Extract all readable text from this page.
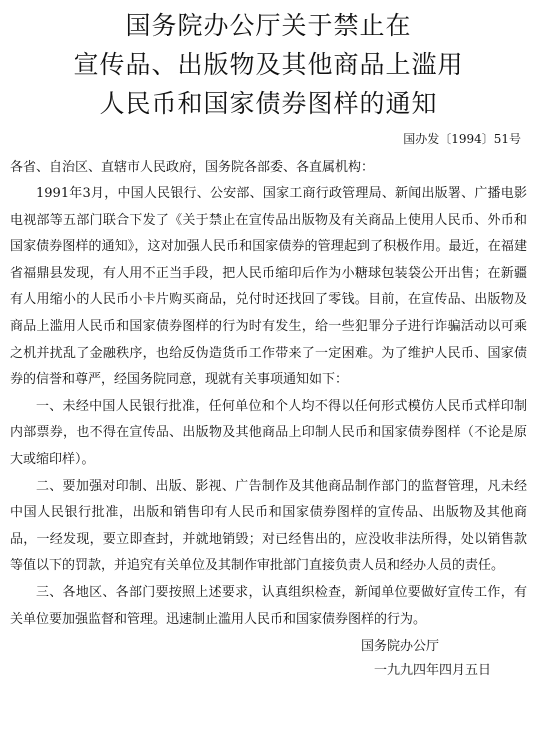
国务院办公厅关于禁止在
宣传品、出版物及其他商品上滥用
人民币和国家债券图样的通知
国办发〔1994〕51号
各省、自治区、直辖市人民政府，国务院各部委、各直属机构：

1991年3月，中国人民银行、公安部、国家工商行政管理局、新闻出版署、广播电影电视部等五部门联合下发了《关于禁止在宣传品出版物及有关商品上使用人民币、外币和国家债券图样的通知》，这对加强人民币和国家债券的管理起到了积极作用。最近，在福建省福鼎县发现，有人用不正当手段，把人民币缩印后作为小糖球包装袋公开出售；在新疆有人用缩小的人民币小卡片购买商品，兑付时还找回了零钱。目前，在宣传品、出版物及商品上滥用人民币和国家债券图样的行为时有发生，给一些犯罪分子进行诈骗活动以可乘之机并扰乱了金融秩序，也给反伪造货币工作带来了一定困难。为了维护人民币、国家债券的信誉和尊严，经国务院同意，现就有关事项通知如下：

一、未经中国人民银行批准，任何单位和个人均不得以任何形式模仿人民币式样印制内部票券，也不得在宣传品、出版物及其他商品上印制人民币和国家债券图样（不论是原大或缩印样）。

二、要加强对印制、出版、影视、广告制作及其他商品制作部门的监督管理，凡未经中国人民银行批准，出版和销售印有人民币和国家债券图样的宣传品、出版物及其他商品，一经发现，要立即查封，并就地销毁；对已经售出的，应没收非法所得，处以销售款等值以下的罚款，并追究有关单位及其制作审批部门直接负责人员和经办人员的责任。

三、各地区、各部门要按照上述要求，认真组织检查，新闻单位要做好宣传工作，有关单位要加强监督和管理。迅速制止滥用人民币和国家债券图样的行为。

国务院办公厅
一九九四年四月五日
